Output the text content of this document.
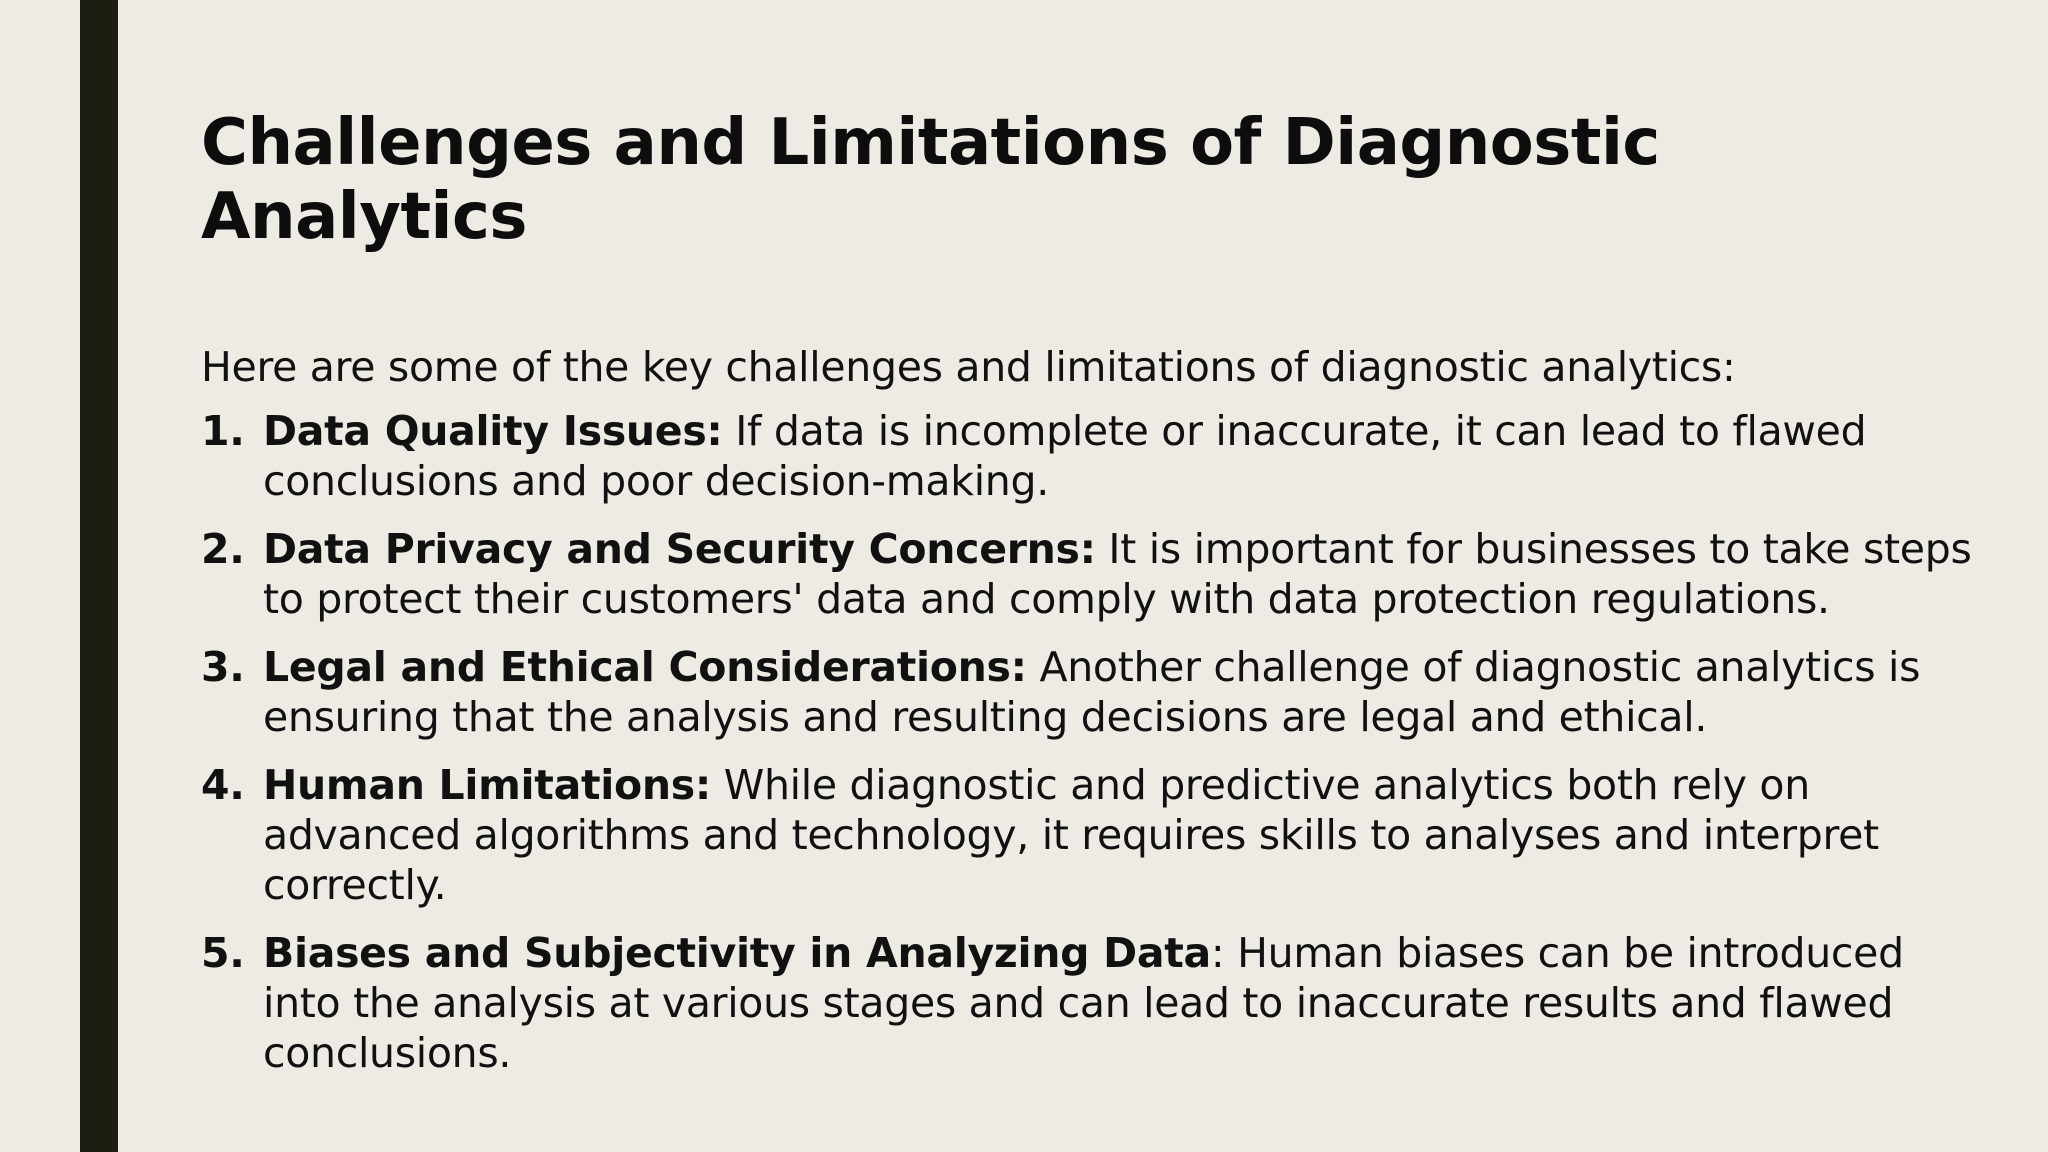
Challenges and Limitations of Diagnostic Analytics

Here are some of the key challenges and limitations of diagnostic analytics:

1. Data Quality Issues: If data is incomplete or inaccurate, it can lead to flawed conclusions and poor decision-making.
2. Data Privacy and Security Concerns: It is important for businesses to take steps to protect their customers' data and comply with data protection regulations.
3. Legal and Ethical Considerations: Another challenge of diagnostic analytics is ensuring that the analysis and resulting decisions are legal and ethical.
4. Human Limitations: While diagnostic and predictive analytics both rely on advanced algorithms and technology, it requires skills to analyses and interpret correctly.
5. Biases and Subjectivity in Analyzing Data: Human biases can be introduced into the analysis at various stages and can lead to inaccurate results and flawed conclusions.
